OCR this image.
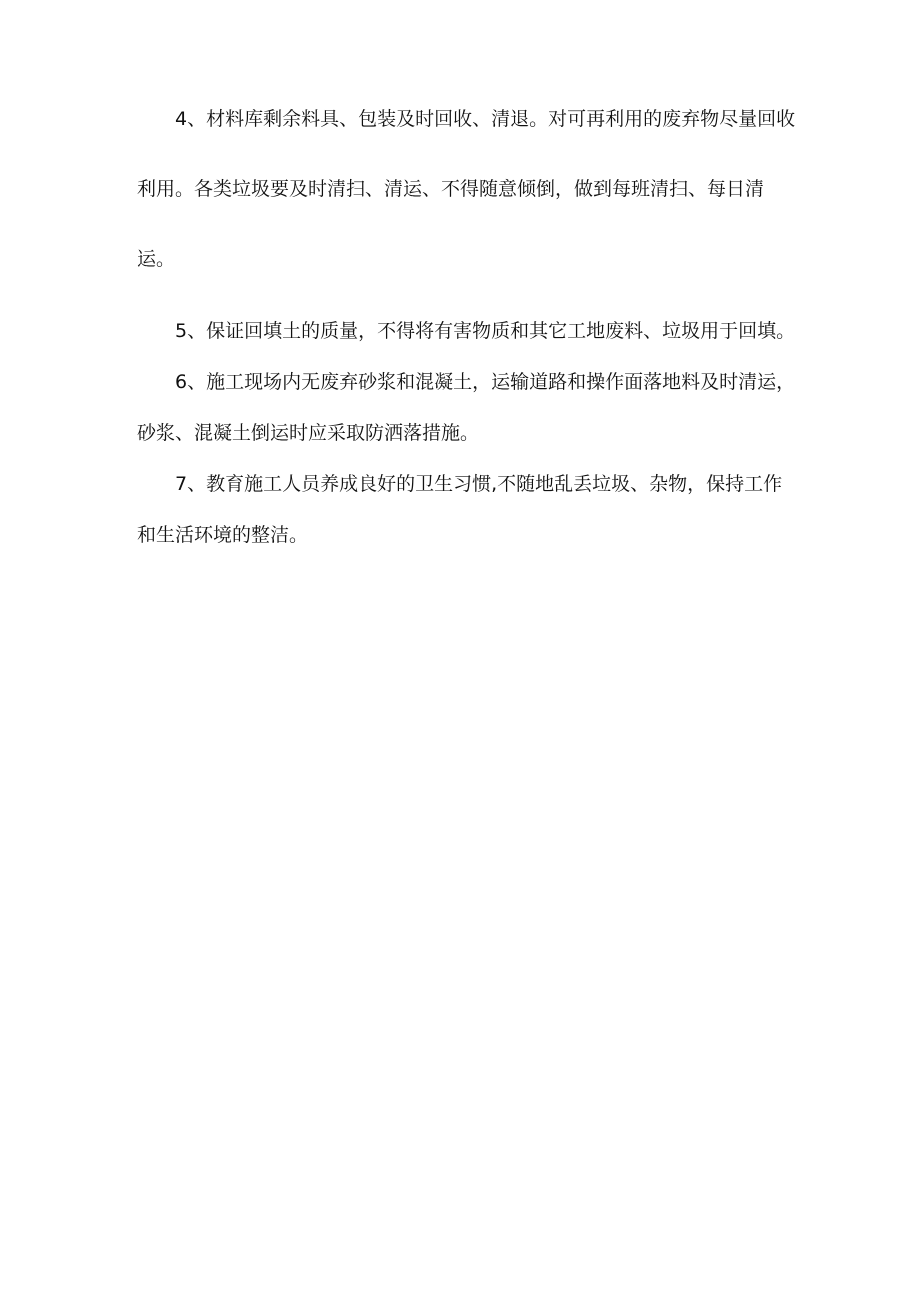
4、材料库剩余料具、包装及时回收、清退。对可再利用的废弃物尽量回收利用。各类垃圾要及时清扫、清运、不得随意倾倒，做到每班清扫、每日清运。

5、保证回填土的质量，不得将有害物质和其它工地废料、垃圾用于回填。

6、施工现场内无废弃砂浆和混凝土，运输道路和操作面落地料及时清运，砂浆、混凝土倒运时应采取防洒落措施。

7、教育施工人员养成良好的卫生习惯,不随地乱丢垃圾、杂物，保持工作和生活环境的整洁。
